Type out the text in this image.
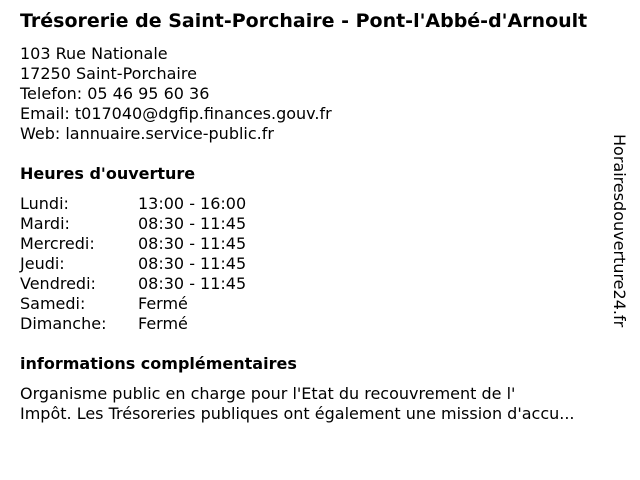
Trésorerie de Saint-Porchaire - Pont-l'Abbé-d'Arnoult
103 Rue Nationale
17250 Saint-Porchaire
Telefon: 05 46 95 60 36
Email: t017040@dgfip.finances.gouv.fr
Web: lannuaire.service-public.fr
Heures d'ouverture
Lundi:	13:00 - 16:00
Mardi:	08:30 - 11:45
Mercredi:	08:30 - 11:45
Jeudi:	08:30 - 11:45
Vendredi:	08:30 - 11:45
Samedi:	Fermé
Dimanche: Fermé
informations complémentaires
Organisme public en charge pour l'Etat du recouvrement de l'
Impôt. Les Trésoreries publiques ont également une mission d'accu...
Horairesdouverture24.fr
